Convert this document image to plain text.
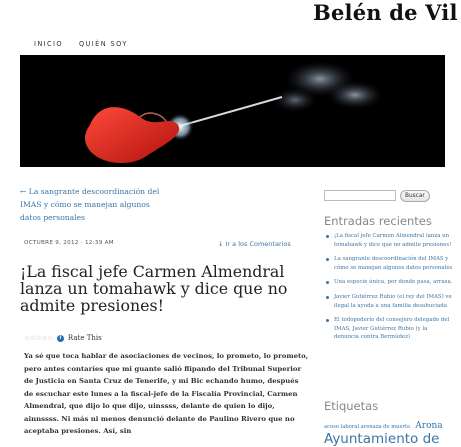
Belén de Vil
INICIO QUIÉN SOY
← La sangrante descoordinación del IMAS y cómo se manejan algunos datos personales
OCTUBRE 9, 2012 · 12:39 AM	↓ Ir a los Comentarios
¡La fiscal jefe Carmen Almendral lanza un tomahawk y dice que no admite presiones!
☆☆☆☆☆	i Rate This

Ya sé que toca hablar de asociaciones de vecinos, lo prometo, lo prometo, pero antes contaríes que mi guante salió flipando del Tribunal Superior de Justicia en Santa Cruz de Tenerife, y mi Bic echando humo, después de escuchar este lunes a la fiscal-jefe de la Fiscalía Provincial, Carmen Almendral, que dijo lo que dijo, uinssss, delante de quien lo dijo, ainnssss. Ni más ni menos denunció delante de Paulino Rivero que no aceptaba presiones. Así, sin

Buscar
Entradas recientes
¡La fiscal jefe Carmen Almendral lanza un tomahawk y dice que no admite presiones!
La sangrante descoordinación del IMAS y cómo se manejan algunos datos personales
Una especie única, por donde pasa, arrasa.
Javier Gutiérrez Rubio (el rey del IMAS) ve ilegal la ayuda a una familia desahuciada
El todopoderío del consejero delegado del IMAS, Javier Gutiérrez Rubio (y la denuncia contra Bermúdez)
Etiquetas
acoso laboral arenaza de muerte Arona
Ayuntamiento de
